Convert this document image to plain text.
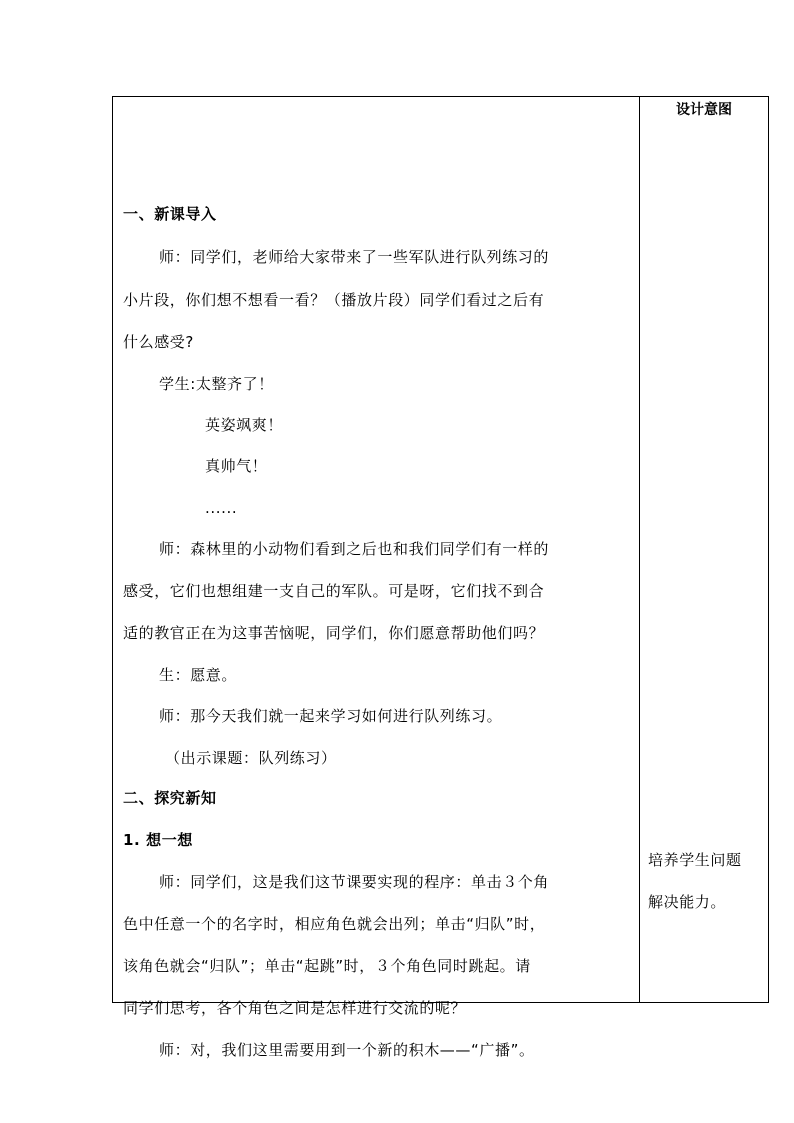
一、新课导入
师：同学们，老师给大家带来了一些军队进行队列练习的
小片段，你们想不想看一看？（播放片段）同学们看过之后有
什么感受?
学生:太整齐了！
英姿飒爽！
真帅气！
......
师：森林里的小动物们看到之后也和我们同学们有一样的
感受，它们也想组建一支自己的军队。可是呀，它们找不到合
适的教官正在为这事苦恼呢，同学们，你们愿意帮助他们吗？
生：愿意。
师：那今天我们就一起来学习如何进行队列练习。
（出示课题：队列练习）
二、探究新知
1. 想一想
师：同学们，这是我们这节课要实现的程序：单击３个角
色中任意一个的名字时，相应角色就会出列；单击“归队”时，
该角色就会“归队”；单击“起跳”时，３个角色同时跳起。请
同学们思考，各个角色之间是怎样进行交流的呢？
师：对，我们这里需要用到一个新的积木——“广播”。
设计意图
培养学生问题
解决能力。
